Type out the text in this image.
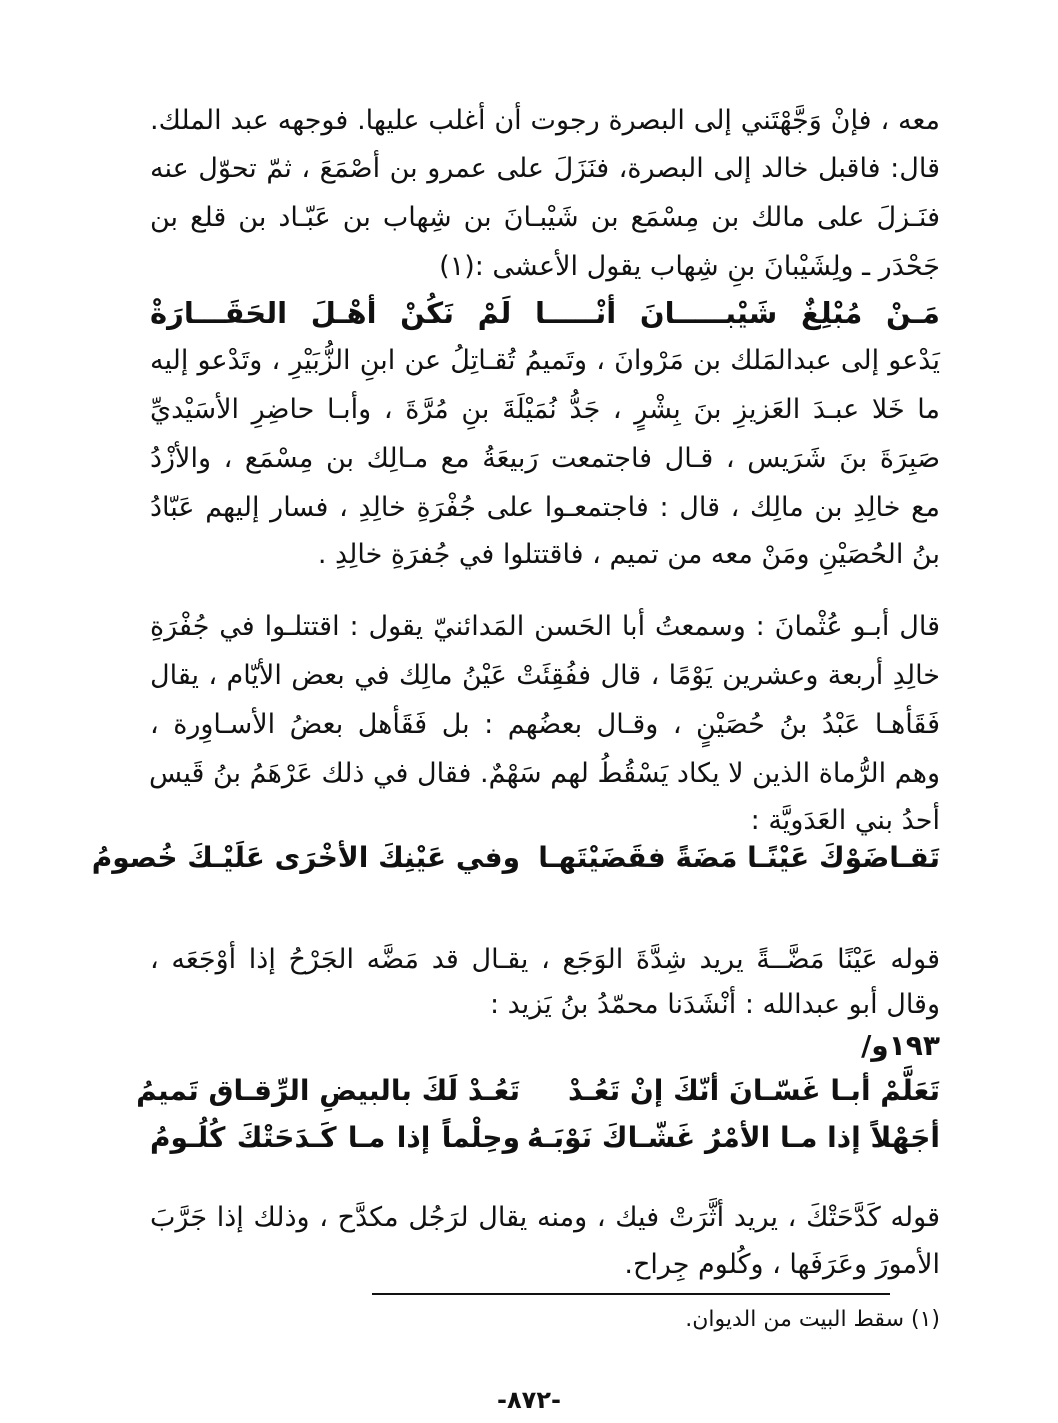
معه ، فإنْ وَجَّهْتَني إلى البصرة رجوت أن أغلب عليها. فوجهه عبد الملك.
قال: فاقبل خالد إلى البصرة، فنَزَلَ على عمرو بن أصْمَعَ ، ثمّ تحوّل عنه
فنَـزلَ على مالك بن مِسْمَع بن شَيْبـانَ بن شِهاب بن عَبّـاد بن قلع بن
جَحْدَر ـ ولِشَيْبانَ بنِ شِهاب يقول الأعشى :(١)
مَـنْ مُبْلِغٌ شَيْبـــــانَ أنْـــــا لَمْ نَكُنْ أهْـلَ الحَقَـــارَةْ
يَدْعو إلى عبدالمَلك بن مَرْوانَ ، وتَميمُ تُقـاتِلُ عن ابنِ الزُّبَيْرِ ، وتَدْعو إليه
ما خَلا عبـدَ العَزيزِ بنَ بِشْرٍ ، جَدُّ نُمَيْلَةَ بنِ مُرَّةَ ، وأبـا حاضِرِ الأسَيْديِّ
صَبِرَةَ بنَ شَرَيس ، قـال فاجتمعت رَبيعَةُ مع مـالِك بن مِسْمَع ، والأزْدُ
مع خالِدِ بن مالِك ، قال : فاجتمعـوا على جُفْرَةِ خالِدِ ، فسار إليهم عَبّادُ
بنُ الحُصَيْنِ ومَنْ معه من تميم ، فاقتتلوا في جُفرَةِ خالِدِ .
قال أبـو عُثْمانَ : وسمعتُ أبا الحَسن المَدائنيّ يقول : اقتتلـوا في جُفْرَةِ
خالِدِ أربعة وعشرين يَوْمًا ، قال ففُقِئَتْ عَيْنُ مالِك في بعض الأيّام ، يقال
فَقَأهـا عَبْدُ بنُ حُصَيْنٍ ، وقـال بعضُهم : بل فَقَأهل بعضُ الأسـاوِرة ،
وهم الرُّماة الذين لا يكاد يَسْقُطُ لهم سَهْمٌ. فقال في ذلك عَرْهَمُ بنُ قَيس
أحدُ بني العَدَويَّة :
تَقـاضَوْكَ عَيْنًـا مَضَةً فقَضَيْتَهـا
وفي عَيْنِكَ الأخْرَى عَلَيْـكَ خُصومُ
قوله عَيْنًا مَضَّــةً يريد شِدَّةَ الوَجَع ، يقـال قد مَضَّه الجَرْحُ إذا أوْجَعَه ،
وقال أبو عبدالله : أنْشَدَنا محمّدُ بنُ يَزيد :
١٩٣و/
تَعَلَّمْ أبـا غَسّـانَ أنّكَ إنْ تَعُـدْ
تَعُـدْ لَكَ بالبيضِ الرِّقـاق تَميمُ
أجَهْلاً إذا مـا الأمْرُ غَشّـاكَ نَوْبَـهُ
وحِلْماً إذا مـا كَـدَحَتْكَ كُلُـومُ
قوله كَدَّحَتْكَ ، يريد أثَّرَتْ فيك ، ومنه يقال لرَجُل مكدَّح ، وذلك إذا جَرَّبَ
الأمورَ وعَرَفَها ، وكُلوم جِراح.
(١) سقط البيت من الديوان.
-٨٧٢-
